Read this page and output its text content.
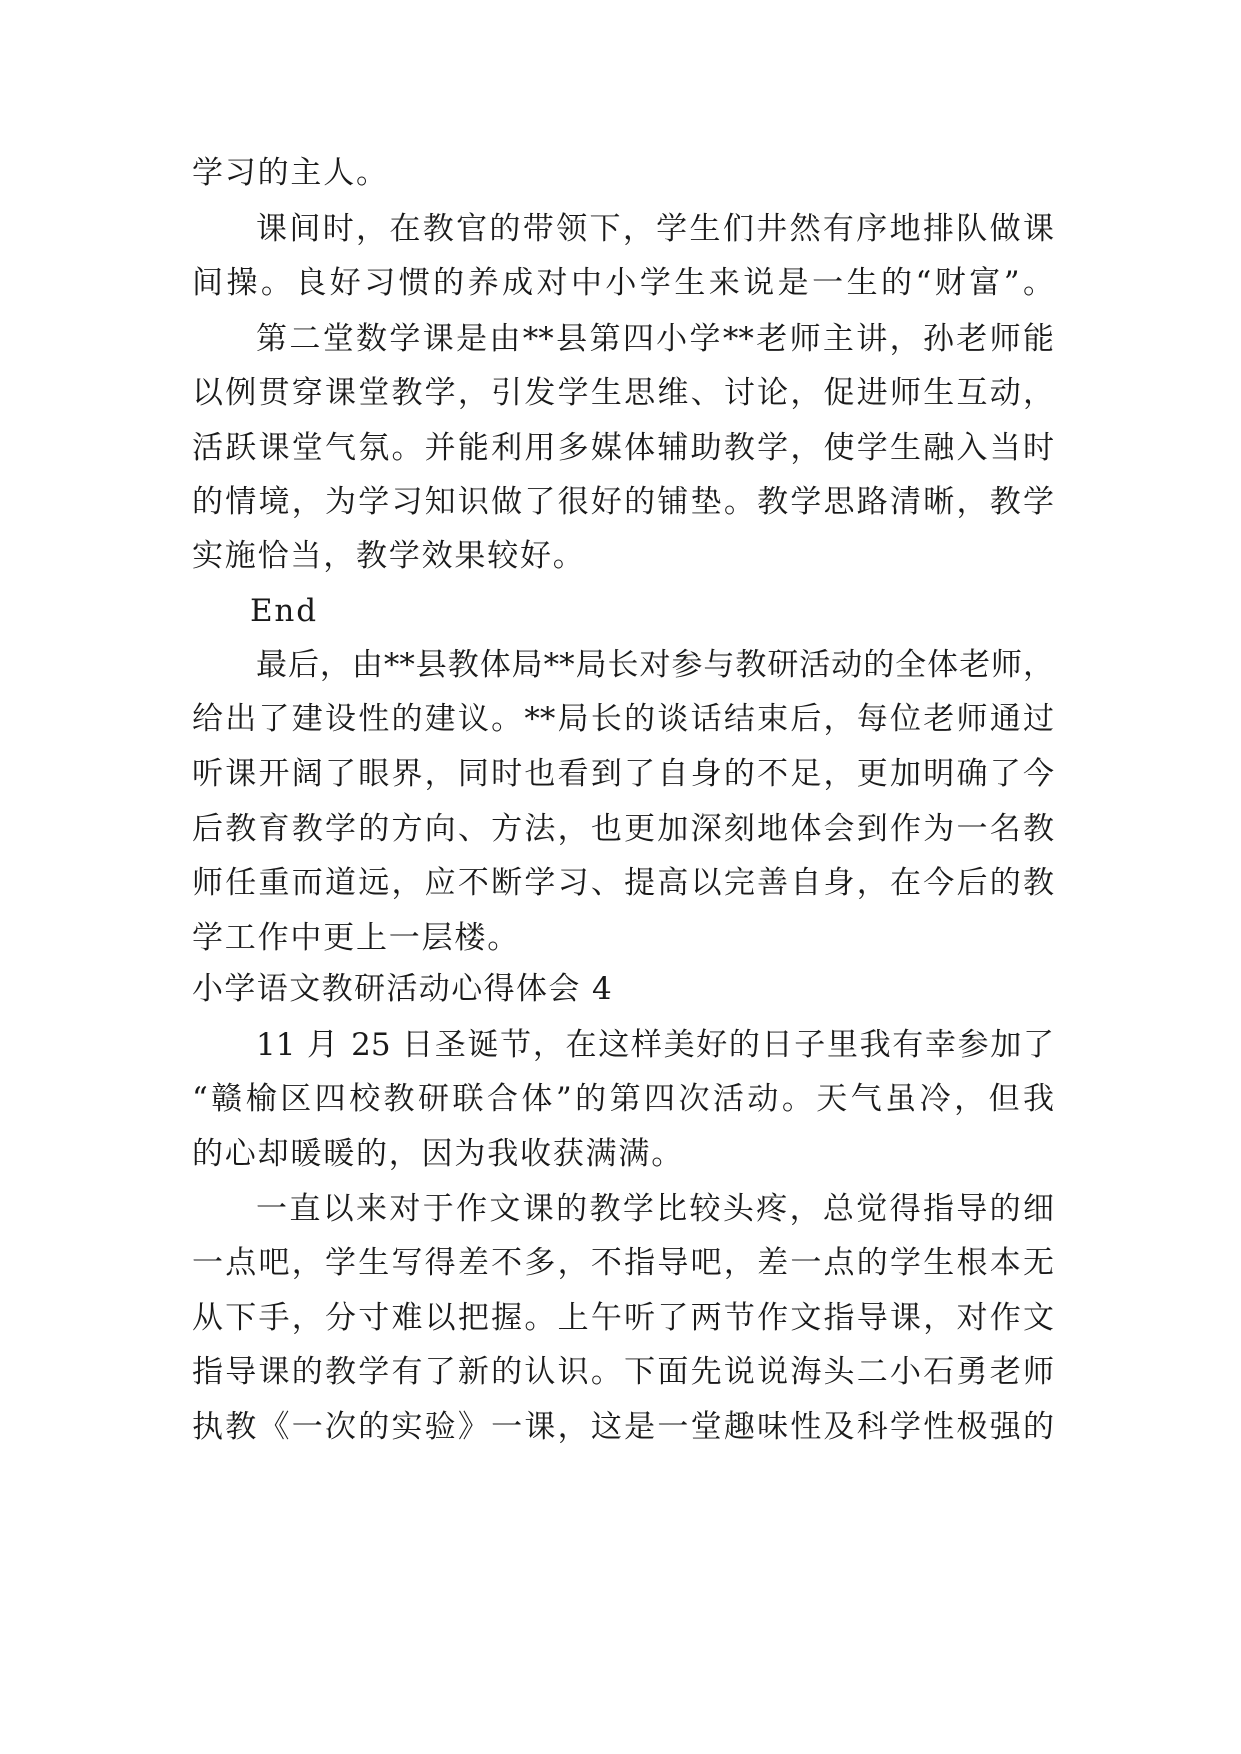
学习的主人。
课间时，在教官的带领下，学生们井然有序地排队做课
间操。良好习惯的养成对中小学生来说是一生的“财富”。
第二堂数学课是由**县第四小学**老师主讲，孙老师能
以例贯穿课堂教学，引发学生思维、讨论，促进师生互动，
活跃课堂气氛。并能利用多媒体辅助教学，使学生融入当时
的情境，为学习知识做了很好的铺垫。教学思路清晰，教学
实施恰当，教学效果较好。
End
最后，由**县教体局**局长对参与教研活动的全体老师，
给出了建设性的建议。**局长的谈话结束后，每位老师通过
听课开阔了眼界，同时也看到了自身的不足，更加明确了今
后教育教学的方向、方法，也更加深刻地体会到作为一名教
师任重而道远，应不断学习、提高以完善自身，在今后的教
学工作中更上一层楼。
小学语文教研活动心得体会 4
11 月 25 日圣诞节，在这样美好的日子里我有幸参加了
“赣榆区四校教研联合体”的第四次活动。天气虽冷，但我
的心却暖暖的，因为我收获满满。
一直以来对于作文课的教学比较头疼，总觉得指导的细
一点吧，学生写得差不多，不指导吧，差一点的学生根本无
从下手，分寸难以把握。上午听了两节作文指导课，对作文
指导课的教学有了新的认识。下面先说说海头二小石勇老师
执教《一次的实验》一课，这是一堂趣味性及科学性极强的
